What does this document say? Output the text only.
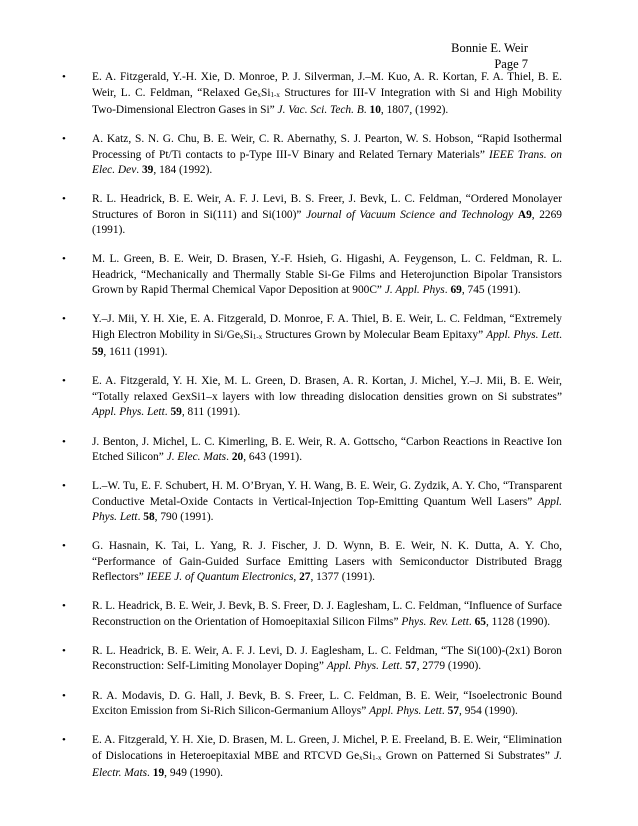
Bonnie E. Weir
Page 7
• E. A. Fitzgerald, Y.-H. Xie, D. Monroe, P. J. Silverman, J.–M. Kuo, A. R. Kortan, F. A. Thiel, B. E. Weir, L. C. Feldman, “Relaxed GexSi1-x Structures for III-V Integration with Si and High Mobility Two-Dimensional Electron Gases in Si” J. Vac. Sci. Tech. B. 10, 1807, (1992).
• A. Katz, S. N. G. Chu, B. E. Weir, C. R. Abernathy, S. J. Pearton, W. S. Hobson, “Rapid Isothermal Processing of Pt/Ti contacts to p-Type III-V Binary and Related Ternary Materials” IEEE Trans. on Elec. Dev. 39, 184 (1992).
• R. L. Headrick, B. E. Weir, A. F. J. Levi, B. S. Freer, J. Bevk, L. C. Feldman, “Ordered Monolayer Structures of Boron in Si(111) and Si(100)” Journal of Vacuum Science and Technology A9, 2269 (1991).
• M. L. Green, B. E. Weir, D. Brasen, Y.-F. Hsieh, G. Higashi, A. Feygenson, L. C. Feldman, R. L. Headrick, “Mechanically and Thermally Stable Si-Ge Films and Heterojunction Bipolar Transistors Grown by Rapid Thermal Chemical Vapor Deposition at 900C” J. Appl. Phys. 69, 745 (1991).
• Y.–J. Mii, Y. H. Xie, E. A. Fitzgerald, D. Monroe, F. A. Thiel, B. E. Weir, L. C. Feldman, “Extremely High Electron Mobility in Si/GexSi1-x Structures Grown by Molecular Beam Epitaxy” Appl. Phys. Lett. 59, 1611 (1991).
• E. A. Fitzgerald, Y. H. Xie, M. L. Green, D. Brasen, A. R. Kortan, J. Michel, Y.–J. Mii, B. E. Weir, “Totally relaxed GexSi1–x layers with low threading dislocation densities grown on Si substrates” Appl. Phys. Lett. 59, 811 (1991).
• J. Benton, J. Michel, L. C. Kimerling, B. E. Weir, R. A. Gottscho, “Carbon Reactions in Reactive Ion Etched Silicon” J. Elec. Mats. 20, 643 (1991).
• L.–W. Tu, E. F. Schubert, H. M. O’Bryan, Y. H. Wang, B. E. Weir, G. Zydzik, A. Y. Cho, “Transparent Conductive Metal-Oxide Contacts in Vertical-Injection Top-Emitting Quantum Well Lasers” Appl. Phys. Lett. 58, 790 (1991).
• G. Hasnain, K. Tai, L. Yang, R. J. Fischer, J. D. Wynn, B. E. Weir, N. K. Dutta, A. Y. Cho, “Performance of Gain-Guided Surface Emitting Lasers with Semiconductor Distributed Bragg Reflectors” IEEE J. of Quantum Electronics, 27, 1377 (1991).
• R. L. Headrick, B. E. Weir, J. Bevk, B. S. Freer, D. J. Eaglesham, L. C. Feldman, “Influence of Surface Reconstruction on the Orientation of Homoepitaxial Silicon Films” Phys. Rev. Lett. 65, 1128 (1990).
• R. L. Headrick, B. E. Weir, A. F. J. Levi, D. J. Eaglesham, L. C. Feldman, “The Si(100)-(2x1) Boron Reconstruction: Self-Limiting Monolayer Doping” Appl. Phys. Lett. 57, 2779 (1990).
• R. A. Modavis, D. G. Hall, J. Bevk, B. S. Freer, L. C. Feldman, B. E. Weir, “Isoelectronic Bound Exciton Emission from Si-Rich Silicon-Germanium Alloys” Appl. Phys. Lett. 57, 954 (1990).
• E. A. Fitzgerald, Y. H. Xie, D. Brasen, M. L. Green, J. Michel, P. E. Freeland, B. E. Weir, “Elimination of Dislocations in Heteroepitaxial MBE and RTCVD GexSi1-x Grown on Patterned Si Substrates” J. Electr. Mats. 19, 949 (1990).
